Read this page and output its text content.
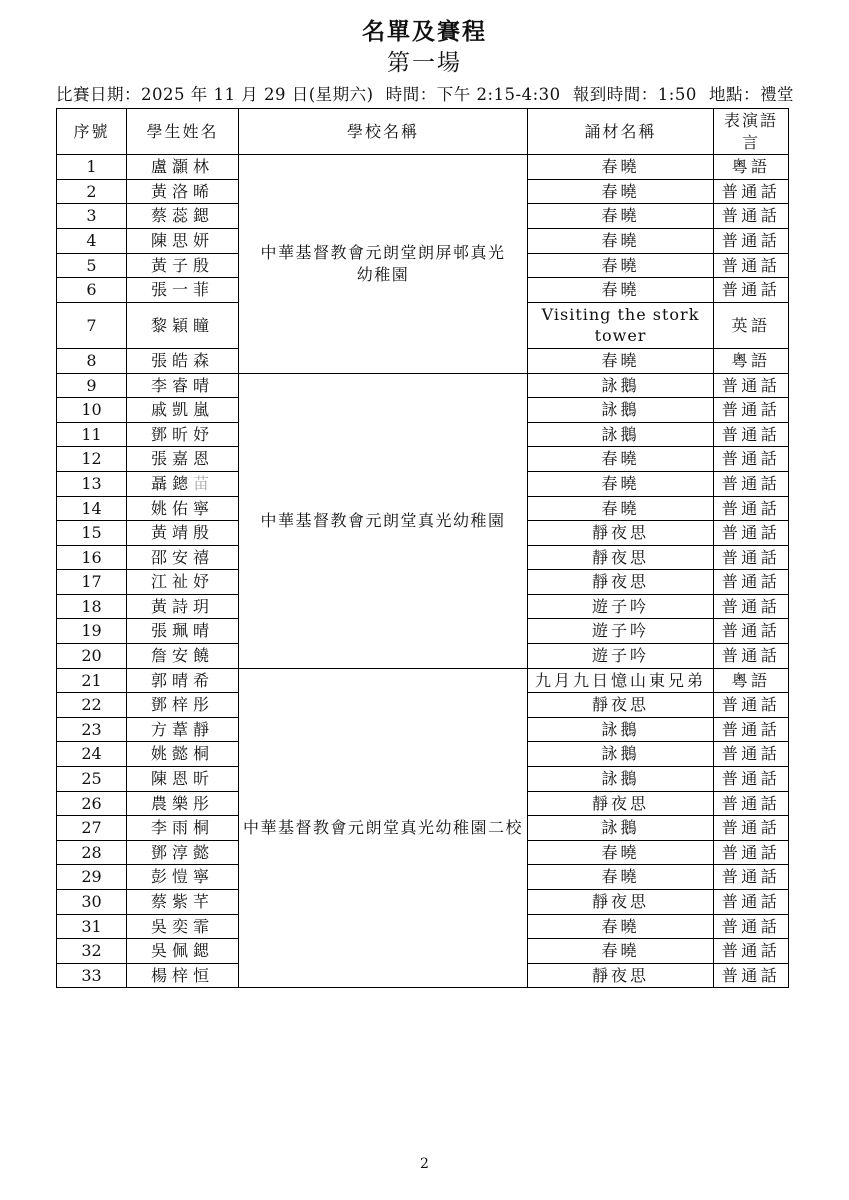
名單及賽程
第一場
比賽日期：2025 年 11 月 29 日(星期六) 時間：下午 2:15-4:30 報到時間：1:50 地點：禮堂
序號	學生姓名	學校名稱	誦材名稱	表演語言
1	盧灝林	中華基督教會元朗堂朗屏邨真光
幼稚園	春曉	粵語
2	黃洛晞		春曉	普通話
3	蔡蕊鍶		春曉	普通話
4	陳思妍		春曉	普通話
5	黃子殷		春曉	普通話
6	張一菲		春曉	普通話
7	黎穎瞳		Visiting the stork tower	英語
8	張皓森		春曉	粵語
9	李睿晴	中華基督教會元朗堂真光幼稚園	詠鵝	普通話
10	戚凱嵐		詠鵝	普通話
11	鄧昕妤		詠鵝	普通話
12	張嘉恩		春曉	普通話
13	聶鏓苗		春曉	普通話
14	姚佑寧		春曉	普通話
15	黃靖殷		靜夜思	普通話
16	邵安禧		靜夜思	普通話
17	江祉妤		靜夜思	普通話
18	黃詩玥		遊子吟	普通話
19	張珮晴		遊子吟	普通話
20	詹安饒		遊子吟	普通話
21	郭晴希	中華基督教會元朗堂真光幼稚園二校	九月九日憶山東兄弟	粵語
22	鄧梓彤		靜夜思	普通話
23	方葦靜		詠鵝	普通話
24	姚懿桐		詠鵝	普通話
25	陳恩昕		詠鵝	普通話
26	農樂彤		靜夜思	普通話
27	李雨桐		詠鵝	普通話
28	鄧淳懿		春曉	普通話
29	彭愷寧		春曉	普通話
30	蔡紫芊		靜夜思	普通話
31	吳奕霏		春曉	普通話
32	吳佩鍶		春曉	普通話
33	楊梓恒		靜夜思	普通話
2
